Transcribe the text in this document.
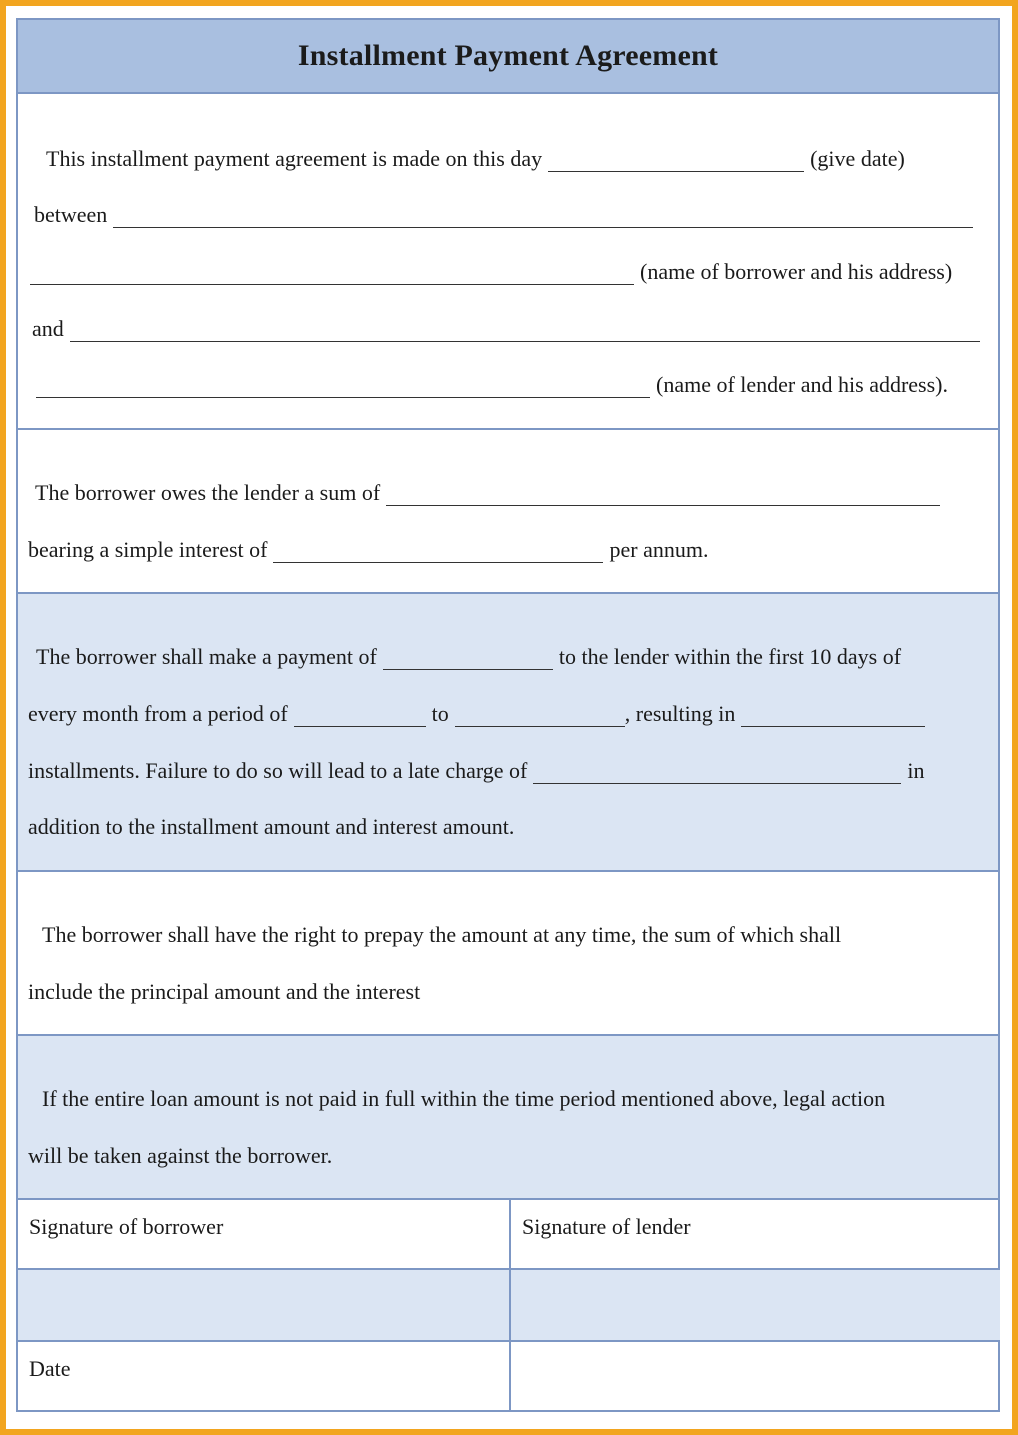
Installment Payment Agreement
This installment payment agreement is made on this day	(give date)
between
(name of borrower and his address)
and
(name of lender and his address).
The borrower owes the lender a sum of
bearing a simple interest of	per annum.
The borrower shall make a payment of	to the lender within the first 10 days of
every month from a period of	to	, resulting in
installments. Failure to do so will lead to a late charge of	in
addition to the installment amount and interest amount.
The borrower shall have the right to prepay the amount at any time, the sum of which shall
include the principal amount and the interest
If the entire loan amount is not paid in full within the time period mentioned above, legal action
will be taken against the borrower.
Signature of borrower	Signature of lender
Date
